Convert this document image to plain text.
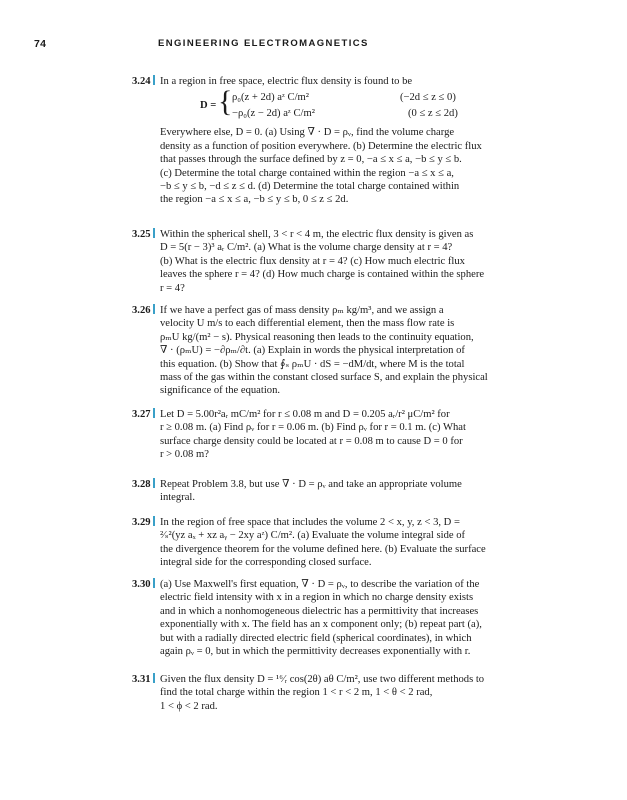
74	ENGINEERING ELECTROMAGNETICS
3.24 In a region in free space, electric flux density is found to be
D = { ρ₀(z + 2d) aᶻ C/m²	(−2d ≤ z ≤ 0)
−ρ₀(z − 2d) aᶻ C/m²	(0 ≤ z ≤ 2d)
Everywhere else, D = 0. (a) Using ∇ · D = ρᵥ, find the volume charge
density as a function of position everywhere. (b) Determine the electric flux
that passes through the surface defined by z = 0, −a ≤ x ≤ a, −b ≤ y ≤ b.
(c) Determine the total charge contained within the region −a ≤ x ≤ a,
−b ≤ y ≤ b, −d ≤ z ≤ d. (d) Determine the total charge contained within
the region −a ≤ x ≤ a, −b ≤ y ≤ b, 0 ≤ z ≤ 2d.
3.25 Within the spherical shell, 3 < r < 4 m, the electric flux density is given as
D = 5(r − 3)³ aᵣ C/m². (a) What is the volume charge density at r = 4?
(b) What is the electric flux density at r = 4? (c) How much electric flux
leaves the sphere r = 4? (d) How much charge is contained within the sphere
r = 4?
3.26 If we have a perfect gas of mass density ρₘ kg/m³, and we assign a
velocity U m/s to each differential element, then the mass flow rate is
ρₘU kg/(m² − s). Physical reasoning then leads to the continuity equation,
∇ · (ρₘU) = −∂ρₘ/∂t. (a) Explain in words the physical interpretation of
this equation. (b) Show that ∮ₛ ρₘU · dS = −dM/dt, where M is the total
mass of the gas within the constant closed surface S, and explain the physical
significance of the equation.
3.27 Let D = 5.00r²aᵣ mC/m² for r ≤ 0.08 m and D = 0.205 aᵣ/r² μC/m² for
r ≥ 0.08 m. (a) Find ρᵥ for r = 0.06 m. (b) Find ρᵥ for r = 0.1 m. (c) What
surface charge density could be located at r = 0.08 m to cause D = 0 for
r > 0.08 m?
3.28 Repeat Problem 3.8, but use ∇ · D = ρᵥ and take an appropriate volume
integral.
3.29 In the region of free space that includes the volume 2 < x, y, z < 3, D =
²⁄ₛ²(yz aₓ + xz aᵧ − 2xy aᶻ) C/m². (a) Evaluate the volume integral side of
the divergence theorem for the volume defined here. (b) Evaluate the surface
integral side for the corresponding closed surface.
3.30 (a) Use Maxwell's first equation, ∇ · D = ρᵥ, to describe the variation of the
electric field intensity with x in a region in which no charge density exists
and in which a nonhomogeneous dielectric has a permittivity that increases
exponentially with x. The field has an x component only; (b) repeat part (a),
but with a radially directed electric field (spherical coordinates), in which
again ρᵥ = 0, but in which the permittivity decreases exponentially with r.
3.31 Given the flux density D = ¹⁶⁄ᵣ cos(2θ) aθ C/m², use two different methods to
find the total charge within the region 1 < r < 2 m, 1 < θ < 2 rad,
1 < ϕ < 2 rad.
